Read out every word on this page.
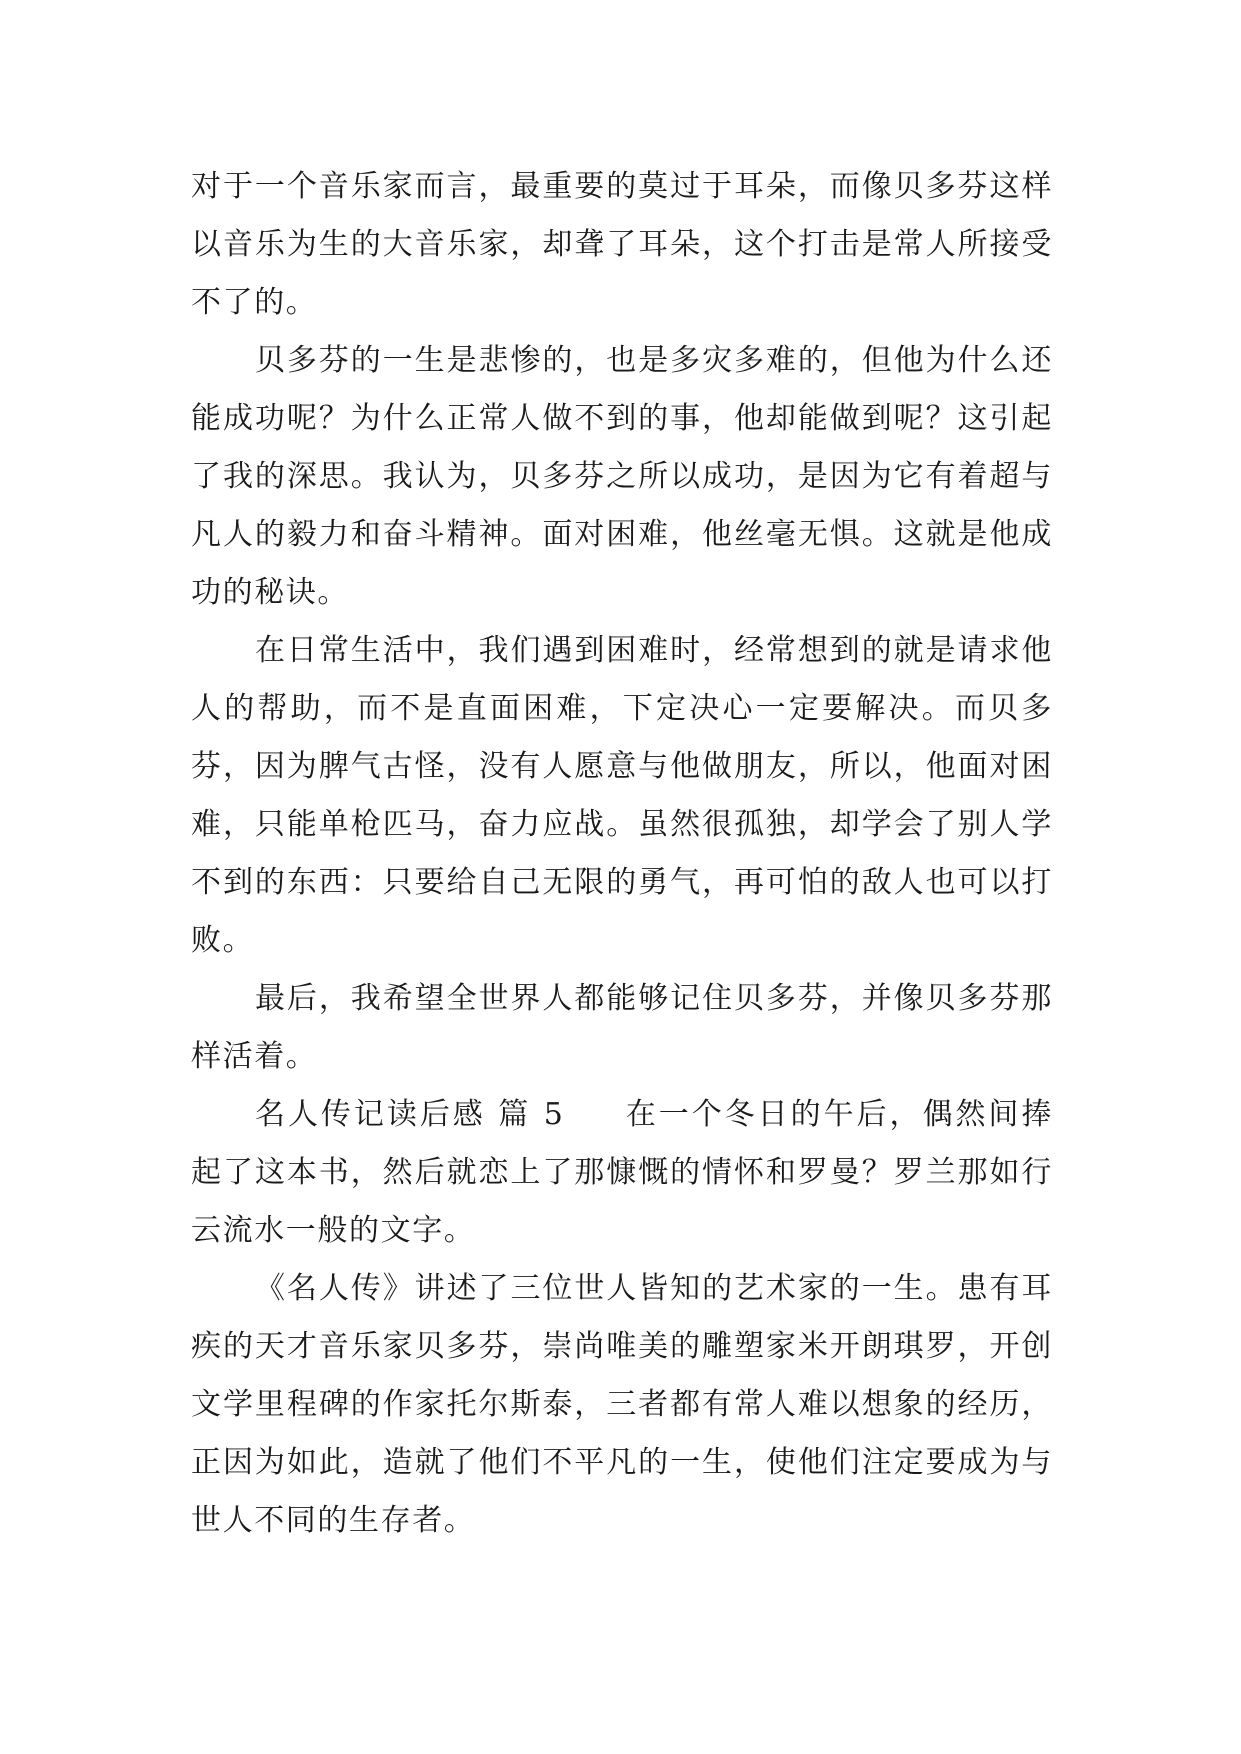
对于一个音乐家而言，最重要的莫过于耳朵，而像贝多芬这样以音乐为生的大音乐家，却聋了耳朵，这个打击是常人所接受不了的。

贝多芬的一生是悲惨的，也是多灾多难的，但他为什么还能成功呢？为什么正常人做不到的事，他却能做到呢？这引起了我的深思。我认为，贝多芬之所以成功，是因为它有着超与凡人的毅力和奋斗精神。面对困难，他丝毫无惧。这就是他成功的秘诀。

在日常生活中，我们遇到困难时，经常想到的就是请求他人的帮助，而不是直面困难，下定决心一定要解决。而贝多芬，因为脾气古怪，没有人愿意与他做朋友，所以，他面对困难，只能单枪匹马，奋力应战。虽然很孤独，却学会了别人学不到的东西：只要给自己无限的勇气，再可怕的敌人也可以打败。

最后，我希望全世界人都能够记住贝多芬，并像贝多芬那样活着。

名人传记读后感 篇 5 在一个冬日的午后，偶然间捧起了这本书，然后就恋上了那慷慨的情怀和罗曼？罗兰那如行云流水一般的文字。

《名人传》讲述了三位世人皆知的艺术家的一生。患有耳疾的天才音乐家贝多芬，崇尚唯美的雕塑家米开朗琪罗，开创文学里程碑的作家托尔斯泰，三者都有常人难以想象的经历，正因为如此，造就了他们不平凡的一生，使他们注定要成为与世人不同的生存者。
